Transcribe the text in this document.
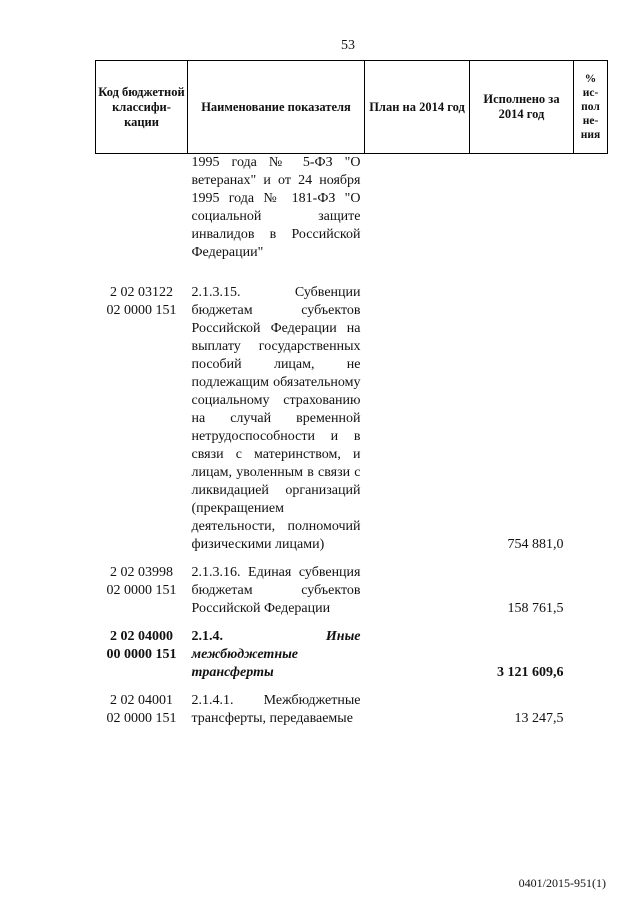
53
Код бюджетной классифи-кации	Наименование показателя	План на 2014 год	Исполнено за 2014 год	% ис-пол не-ния

	1995 года № 5-ФЗ "О ветеранах" и от 24 ноября 1995 года № 181-ФЗ "О социальной защите инвалидов в Российской Федерации"			

2 02 03122
02 0000 151	2.1.3.15. Субвенции бюджетам субъектов Российской Федерации на выплату государственных пособий лицам, не подлежащим обязательному социальному страхованию на случай временной нетрудоспособности и в связи с материнством, и лицам, уволенным в связи с ликвидацией организаций (прекращением деятельности, полномочий физическими лицами)		754 881,0	

2 02 03998
02 0000 151	2.1.3.16. Единая субвенция бюджетам субъектов Российской Федерации		158 761,5	

2 02 04000
00 0000 151	2.1.4. Иные межбюджетные трансферты		3 121 609,6	

2 02 04001
02 0000 151	2.1.4.1. Межбюджетные трансферты, передаваемые		13 247,5	
0401/2015-951(1)
